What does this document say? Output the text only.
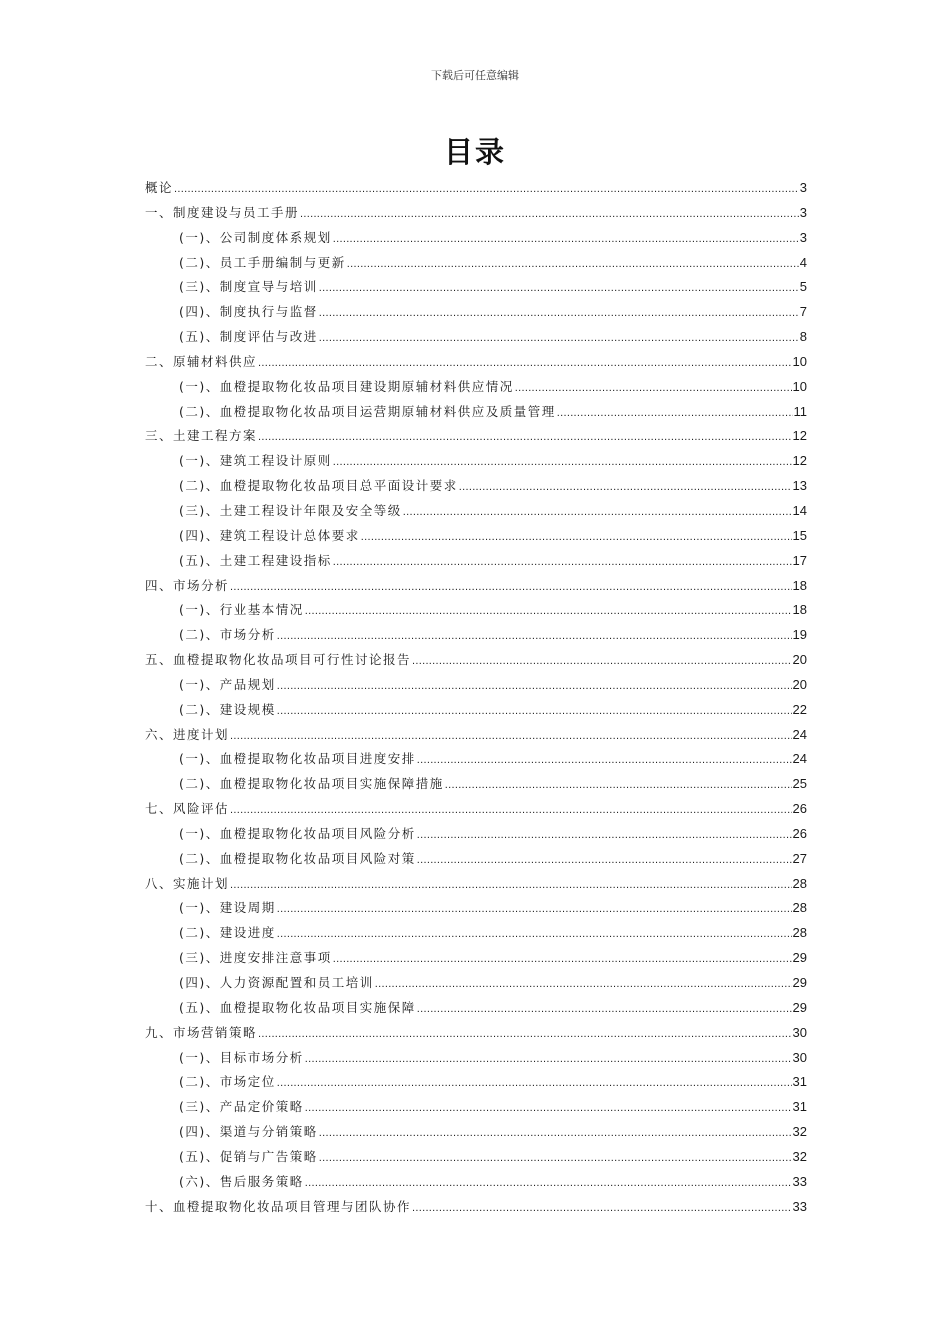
下载后可任意编辑
目录
概论 .....	3
一、制度建设与员工手册 .....	3
(一)、公司制度体系规划 .....	3
(二)、员工手册编制与更新 .....	4
(三)、制度宣导与培训 .....	5
(四)、制度执行与监督 .....	7
(五)、制度评估与改进 .....	8
二、原辅材料供应 .....	10
(一)、血橙提取物化妆品项目建设期原辅材料供应情况 .....	10
(二)、血橙提取物化妆品项目运营期原辅材料供应及质量管理 .....	11
三、土建工程方案 .....	12
(一)、建筑工程设计原则 .....	12
(二)、血橙提取物化妆品项目总平面设计要求 .....	13
(三)、土建工程设计年限及安全等级 .....	14
(四)、建筑工程设计总体要求 .....	15
(五)、土建工程建设指标 .....	17
四、市场分析 .....	18
(一)、行业基本情况 .....	18
(二)、市场分析 .....	19
五、血橙提取物化妆品项目可行性讨论报告 .....	20
(一)、产品规划 .....	20
(二)、建设规模 .....	22
六、进度计划 .....	24
(一)、血橙提取物化妆品项目进度安排 .....	24
(二)、血橙提取物化妆品项目实施保障措施 .....	25
七、风险评估 .....	26
(一)、血橙提取物化妆品项目风险分析 .....	26
(二)、血橙提取物化妆品项目风险对策 .....	27
八、实施计划 .....	28
(一)、建设周期 .....	28
(二)、建设进度 .....	28
(三)、进度安排注意事项 .....	29
(四)、人力资源配置和员工培训 .....	29
(五)、血橙提取物化妆品项目实施保障 .....	29
九、市场营销策略 .....	30
(一)、目标市场分析 .....	30
(二)、市场定位 .....	31
(三)、产品定价策略 .....	31
(四)、渠道与分销策略 .....	32
(五)、促销与广告策略 .....	32
(六)、售后服务策略 .....	33
十、血橙提取物化妆品项目管理与团队协作 .....	33
